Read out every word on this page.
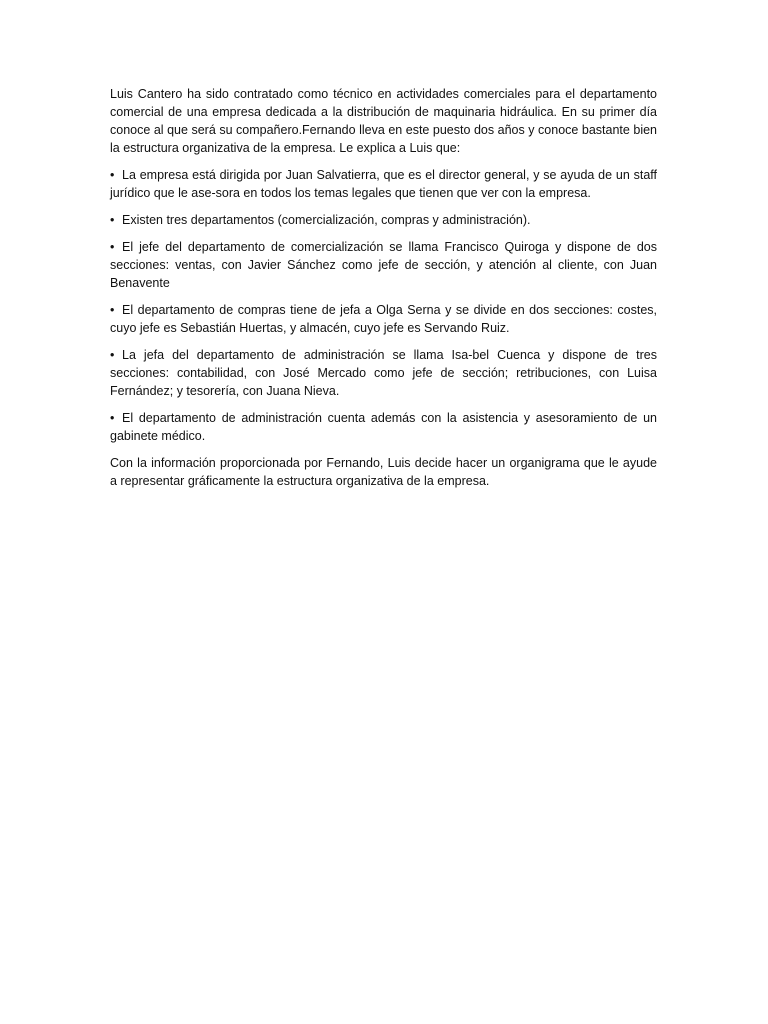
Luis Cantero ha sido contratado como técnico en actividades comerciales para el departamento comercial de una empresa dedicada a la distribución de maquinaria hidráulica. En su primer día conoce al que será su compañero.Fernando lleva en este puesto dos años y conoce bastante bien la estructura organizativa de la empresa. Le explica a Luis que:

• La empresa está dirigida por Juan Salvatierra, que es el director general, y se ayuda de un staff jurídico que le ase-sora en todos los temas legales que tienen que ver con la empresa.

• Existen tres departamentos (comercialización, compras y administración).

• El jefe del departamento de comercialización se llama Francisco Quiroga y dispone de dos secciones: ventas, con Javier Sánchez como jefe de sección, y atención al cliente, con Juan Benavente

• El departamento de compras tiene de jefa a Olga Serna y se divide en dos secciones: costes, cuyo jefe es Sebastián Huertas, y almacén, cuyo jefe es Servando Ruiz.

• La jefa del departamento de administración se llama Isa-bel Cuenca y dispone de tres secciones: contabilidad, con José Mercado como jefe de sección; retribuciones, con Luisa Fernández; y tesorería, con Juana Nieva.

• El departamento de administración cuenta además con la asistencia y asesoramiento de un gabinete médico.

Con la información proporcionada por Fernando, Luis decide hacer un organigrama que le ayude a representar gráficamente la estructura organizativa de la empresa.
